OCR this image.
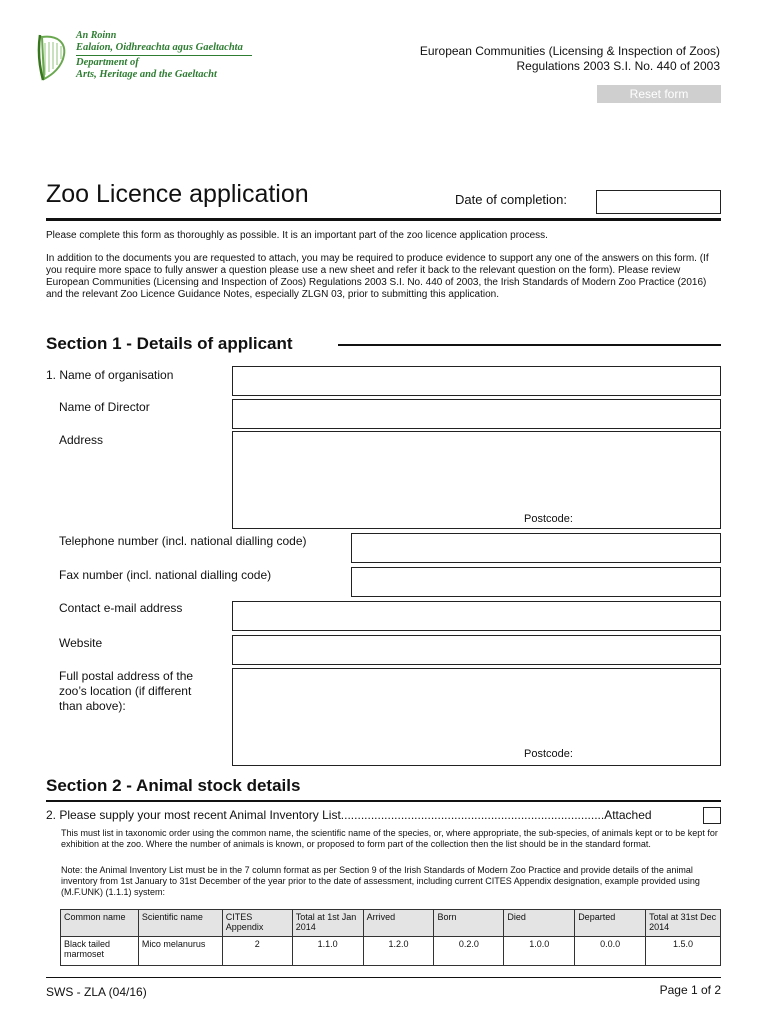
An Roinn
Ealaíon, Oidhreachta agus Gaeltachta
Department of
Arts, Heritage and the Gaeltacht
European Communities (Licensing & Inspection of Zoos)
Regulations 2003 S.I. No. 440 of 2003
Reset form
Zoo Licence application	Date of completion:
Please complete this form as thoroughly as possible. It is an important part of the zoo licence application process.
In addition to the documents you are requested to attach, you may be required to produce evidence to support any one of the answers on this form. (If you require more space to fully answer a question please use a new sheet and refer it back to the relevant question on the form). Please review European Communities (Licensing and Inspection of Zoos) Regulations 2003 S.I. No. 440 of 2003, the Irish Standards of Modern Zoo Practice (2016) and the relevant Zoo Licence Guidance Notes, especially ZLGN 03, prior to submitting this application.
Section 1 - Details of applicant
1. Name of organisation
Name of Director
Address
Postcode:
Telephone number (incl. national dialling code)
Fax number (incl. national dialling code)
Contact e-mail address
Website
Full postal address of the zoo’s location (if different than above):
Postcode:
Section 2 - Animal stock details
2. Please supply your most recent Animal Inventory List...............................................................................Attached
This must list in taxonomic order using the common name, the scientific name of the species, or, where appropriate, the sub-species, of animals kept or to be kept for exhibition at the zoo. Where the number of animals is known, or proposed to form part of the collection then the list should be in the standard format.
Note: the Animal Inventory List must be in the 7 column format as per Section 9 of the Irish Standards of Modern Zoo Practice and provide details of the animal inventory from 1st January to 31st December of the year prior to the date of assessment, including current CITES Appendix designation, example provided using (M.F.UNK) (1.1.1) system:
Common name	Scientific name	CITES Appendix	Total at 1st Jan 2014	Arrived	Born	Died	Departed	Total at 31st Dec 2014
Black tailed marmoset	Mico melanurus	2	1.1.0	1.2.0	0.2.0	1.0.0	0.0.0	1.5.0
SWS - ZLA (04/16)	Page 1 of 2
